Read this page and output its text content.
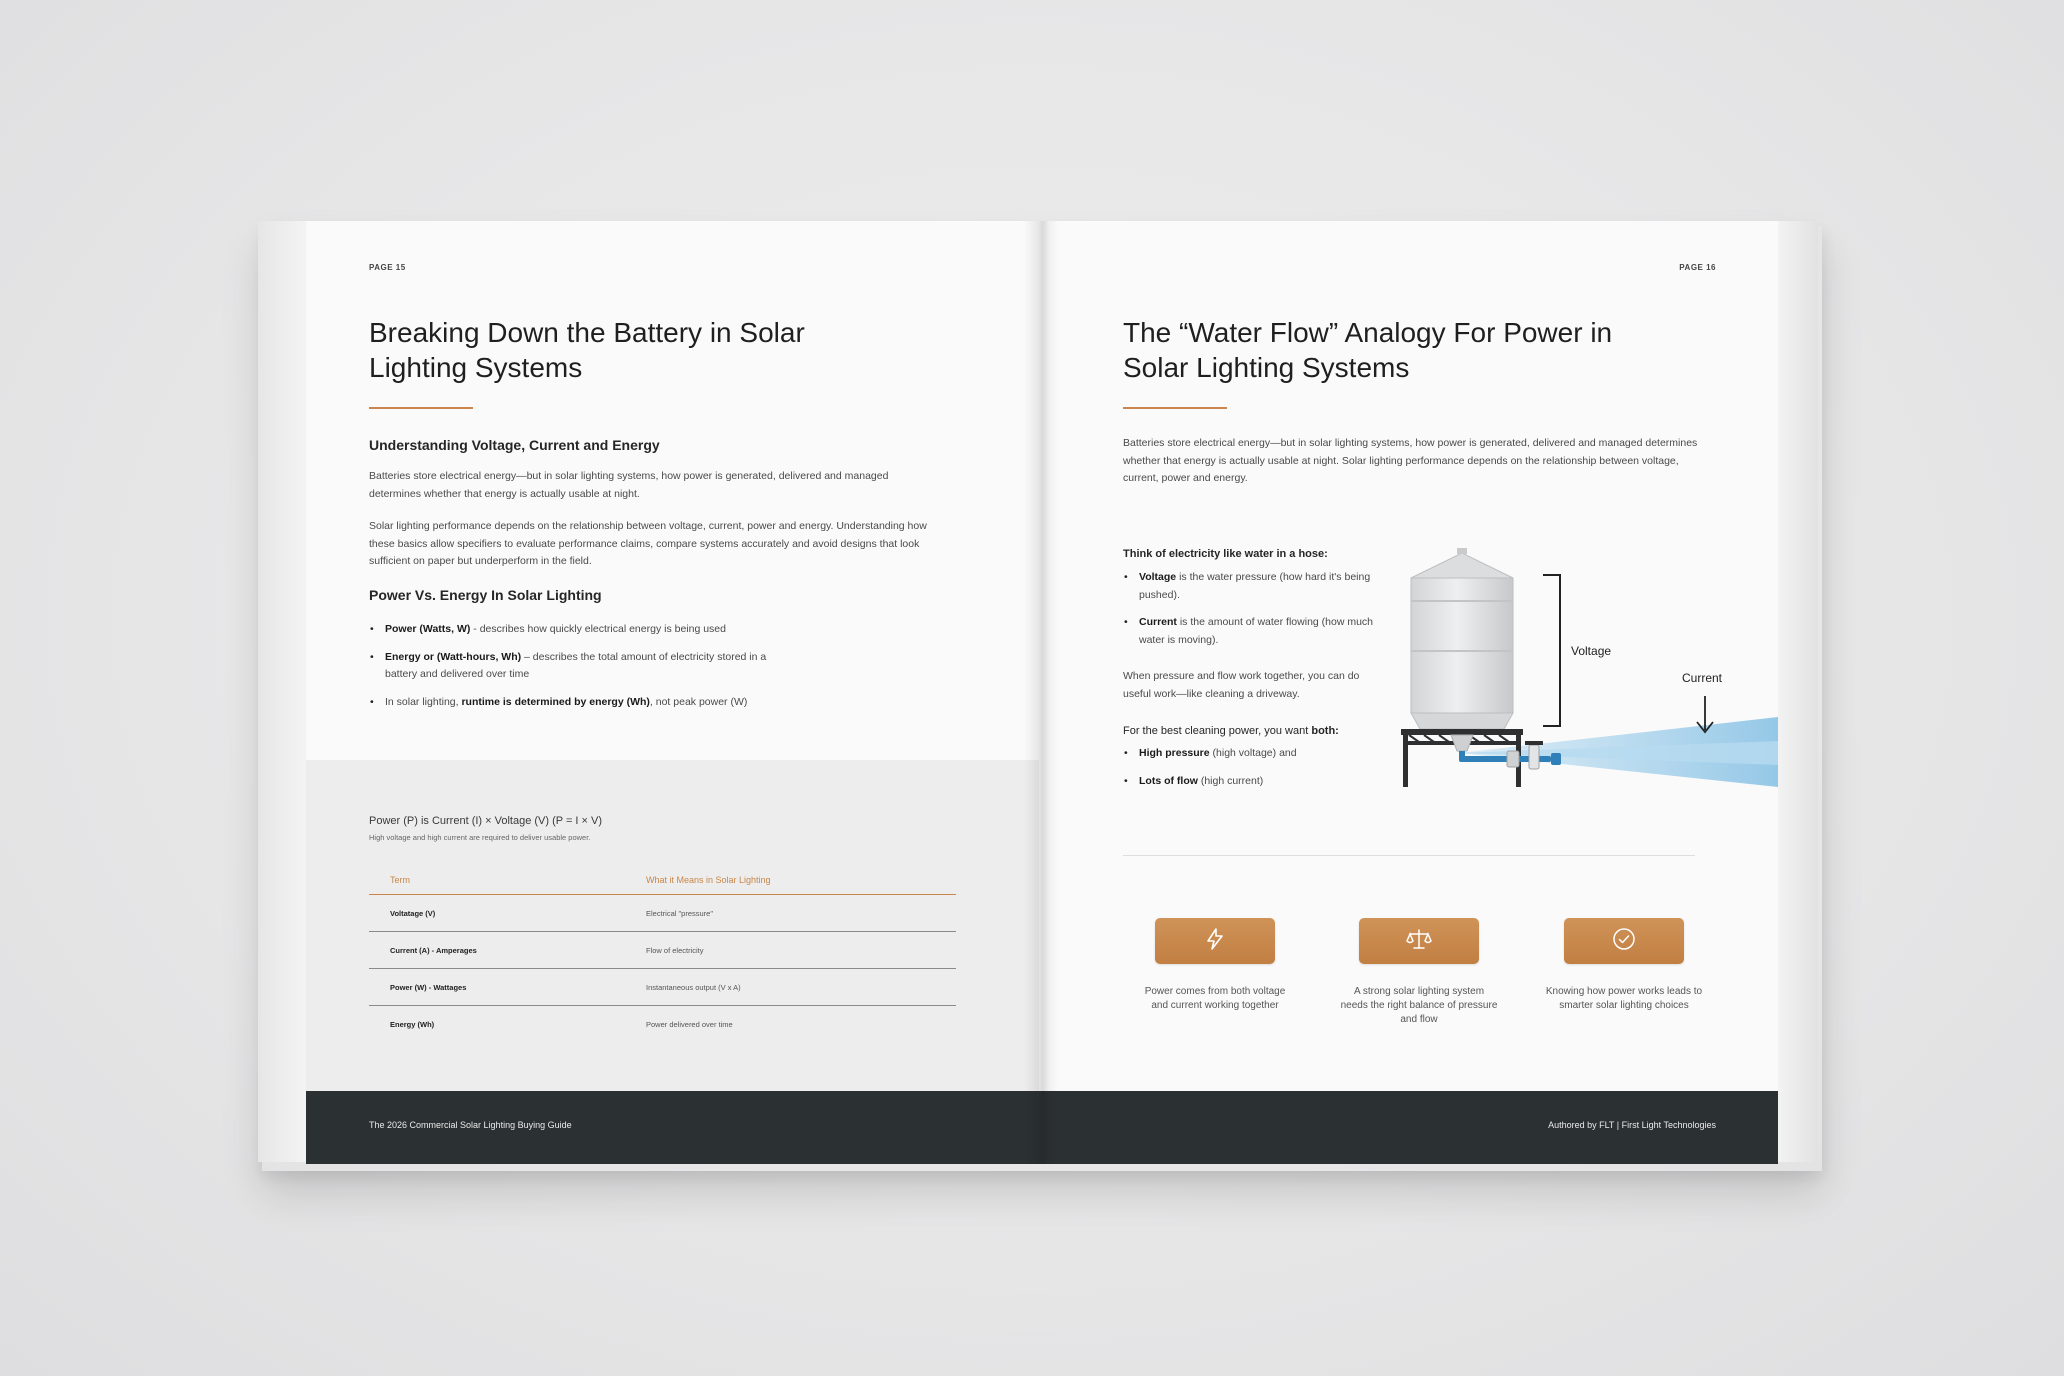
PAGE 15
Breaking Down the Battery in Solar Lighting Systems
Understanding Voltage, Current and Energy

Batteries store electrical energy—but in solar lighting systems, how power is generated, delivered and managed determines whether that energy is actually usable at night.

Solar lighting performance depends on the relationship between voltage, current, power and energy. Understanding how these basics allow specifiers to evaluate performance claims, compare systems accurately and avoid designs that look sufficient on paper but underperform in the field.

Power Vs. Energy In Solar Lighting
• Power (Watts, W) - describes how quickly electrical energy is being used
• Energy or (Watt-hours, Wh) – describes the total amount of electricity stored in a battery and delivered over time
• In solar lighting, runtime is determined by energy (Wh), not peak power (W)
Power (P) is Current (I) × Voltage (V) (P = I × V)
High voltage and high current are required to deliver usable power.
Term	What it Means in Solar Lighting
Voltatage (V)	Electrical "pressure"
Current (A) - Amperages	Flow of electricity
Power (W) - Wattages	Instantaneous output (V x A)
Energy (Wh)	Power delivered over time
The 2026 Commercial Solar Lighting Buying Guide
PAGE 16
The “Water Flow” Analogy For Power in Solar Lighting Systems

Batteries store electrical energy—but in solar lighting systems, how power is generated, delivered and managed determines whether that energy is actually usable at night. Solar lighting performance depends on the relationship between voltage, current, power and energy.

Think of electricity like water in a hose:
• Voltage is the water pressure (how hard it's being pushed).
• Current is the amount of water flowing (how much water is moving).

When pressure and flow work together, you can do useful work—like cleaning a driveway.

For the best cleaning power, you want both:

• High pressure (high voltage) and
• Lots of flow (high current)
Voltage
Current
Power comes from both voltage and current working together
A strong solar lighting system needs the right balance of pressure and flow
Knowing how power works leads to smarter solar lighting choices
Authored by FLT | First Light Technologies
